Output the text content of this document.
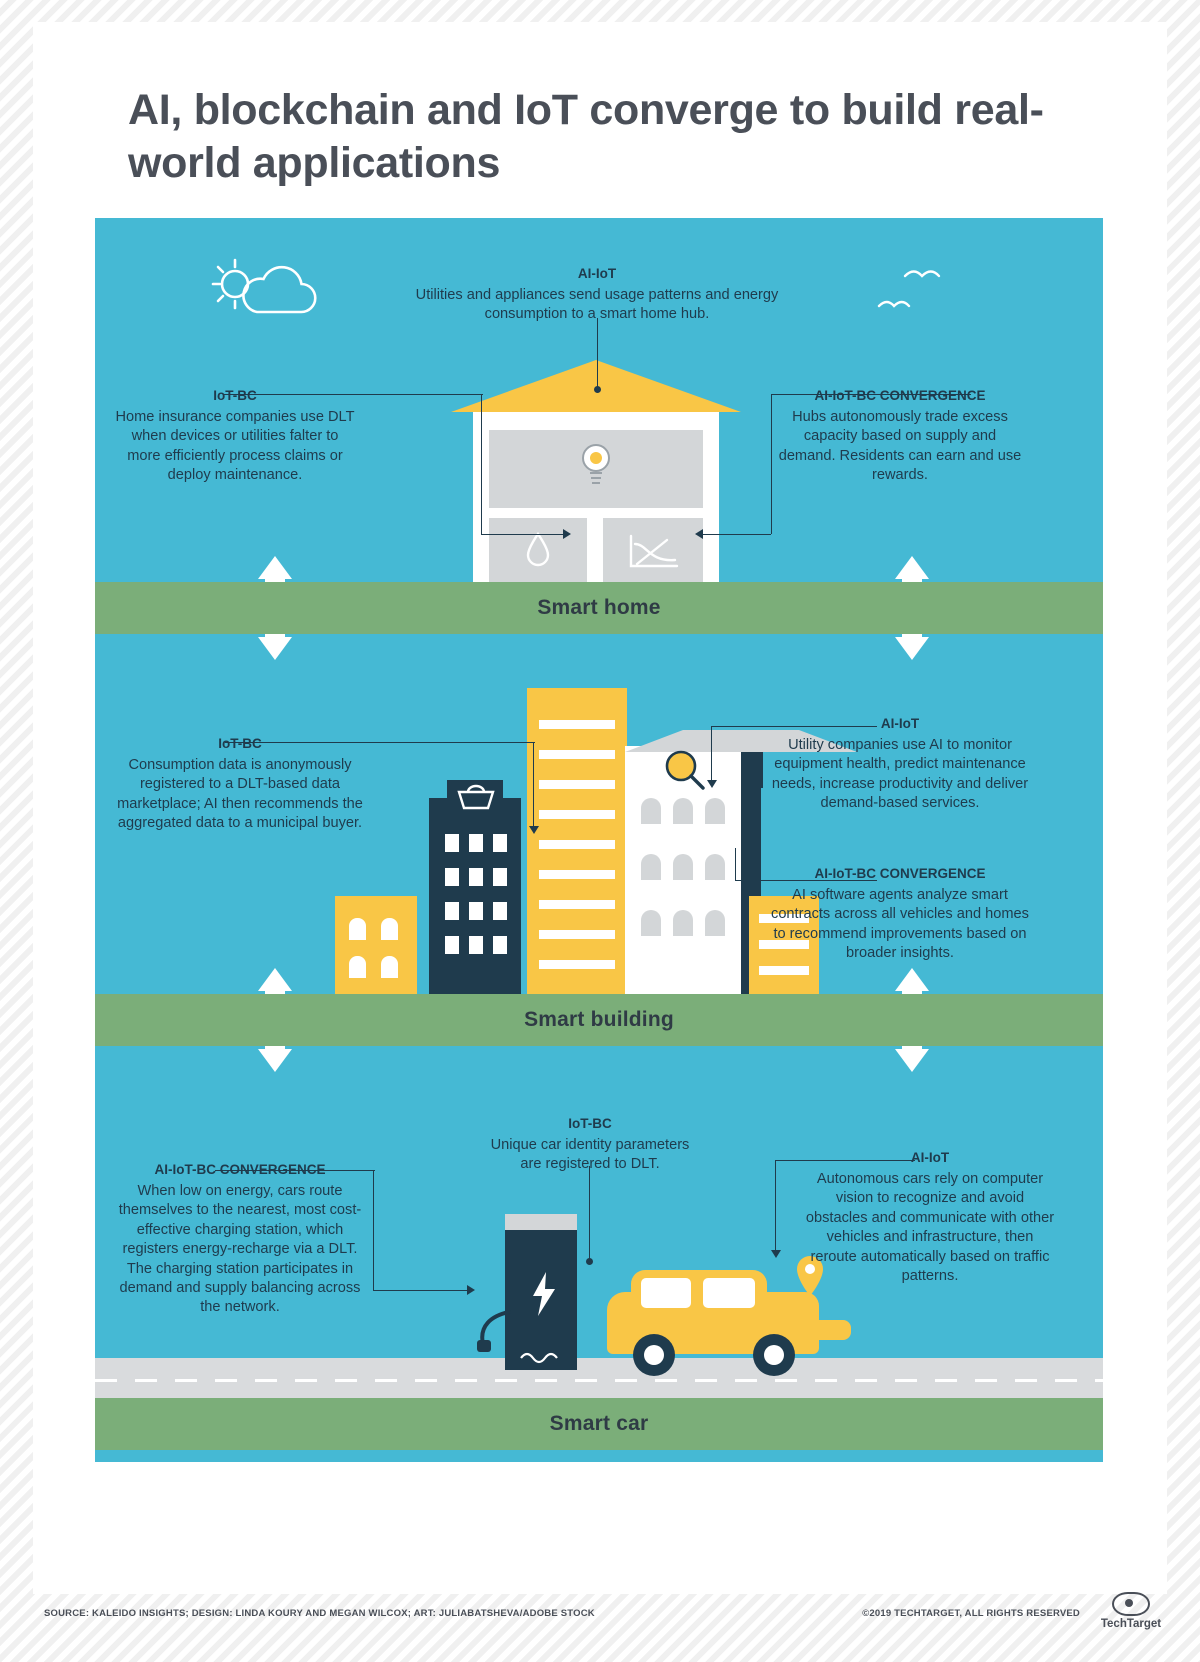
AI, blockchain and IoT converge to build real-world applications
AI-IoT
Utilities and appliances send usage patterns and energy consumption to a smart home hub.
IoT-BC
Home insurance companies use DLT when devices or utilities falter to more efficiently process claims or deploy maintenance.
AI-IoT-BC CONVERGENCE
Hubs autonomously trade excess capacity based on supply and demand. Residents can earn and use rewards.
Smart home
IoT-BC
Consumption data is anonymously registered to a DLT-based data marketplace; AI then recommends the aggregated data to a municipal buyer.
AI-IoT
Utility companies use AI to monitor equipment health, predict maintenance needs, increase productivity and deliver demand-based services.
AI-IoT-BC CONVERGENCE
AI software agents analyze smart contracts across all vehicles and homes to recommend improvements based on broader insights.
Smart building
AI-IoT-BC CONVERGENCE
When low on energy, cars route themselves to the nearest, most cost-effective charging station, which registers energy-recharge via a DLT. The charging station participates in demand and supply balancing across the network.
IoT-BC
Unique car identity parameters are registered to DLT.	AI-IoT
Autonomous cars rely on computer vision to recognize and avoid obstacles and communicate with other vehicles and infrastructure, then reroute automatically based on traffic patterns.
Smart car
SOURCE: KALEIDO INSIGHTS; DESIGN: LINDA KOURY AND MEGAN WILCOX; ART: JULIABATSHEVA/ADOBE STOCK	©2019 TECHTARGET, ALL RIGHTS RESERVED
TechTarget
